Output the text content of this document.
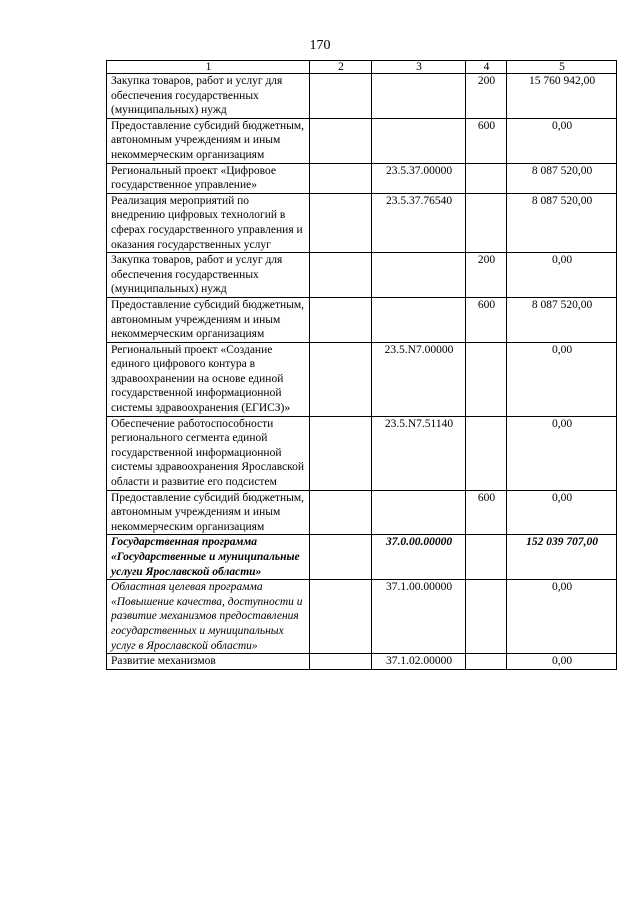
170
1	2	3	4	5
Закупка товаров, работ и услуг для обеспечения государственных (муниципальных) нужд			200	15 760 942,00
Предоставление субсидий бюджетным, автономным учреждениям и иным некоммерческим организациям			600	0,00
Региональный проект «Цифровое государственное управление»		23.5.37.00000		8 087 520,00
Реализация мероприятий по внедрению цифровых технологий в сферах государственного управления и оказания государственных услуг		23.5.37.76540		8 087 520,00
Закупка товаров, работ и услуг для обеспечения государственных (муниципальных) нужд			200	0,00
Предоставление субсидий бюджетным, автономным учреждениям и иным некоммерческим организациям			600	8 087 520,00
Региональный проект «Создание единого цифрового контура в здравоохранении на основе единой государственной информационной системы здравоохранения (ЕГИСЗ)»		23.5.N7.00000		0,00
Обеспечение работоспособности регионального сегмента единой государственной информационной системы здравоохранения Ярославской области и развитие его подсистем		23.5.N7.51140		0,00
Предоставление субсидий бюджетным, автономным учреждениям и иным некоммерческим организациям			600	0,00
Государственная программа «Государственные и муниципальные услуги Ярославской области»		37.0.00.00000		152 039 707,00
Областная целевая программа «Повышение качества, доступности и развитие механизмов предоставления государственных и муниципальных услуг в Ярославской области»		37.1.00.00000		0,00
Развитие механизмов		37.1.02.00000		0,00
